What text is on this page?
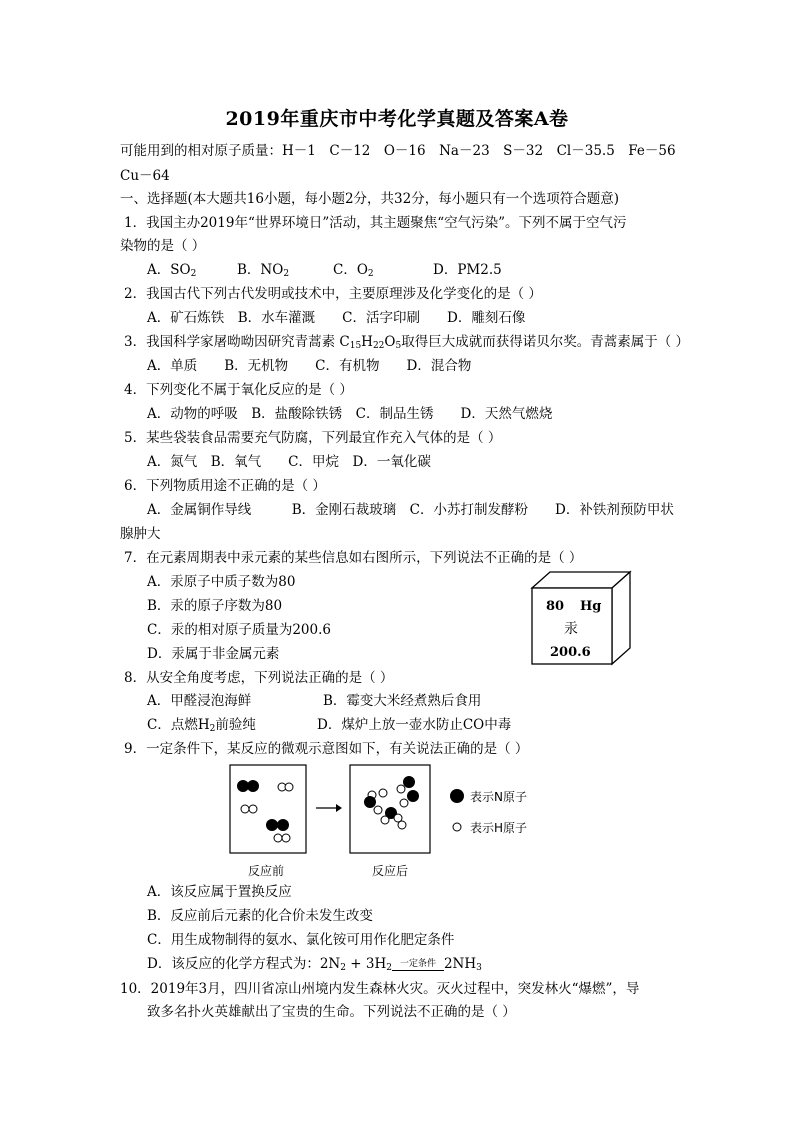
2019年重庆市中考化学真题及答案A卷
可能用到的相对原子质量：H－1　C－12　O－16　Na－23　S－32　Cl－35.5　Fe－56
Cu－64
一、选择题(本大题共16小题，每小题2分，共32分，每小题只有一个选项符合题意)
1．我国主办2019年“世界环境日”活动，其主题聚焦“空气污染”。下列不属于空气污
染物的是（ ）
A．$SO_2$	B．$NO_2$	C．$O_2$	D．PM2.5
2．我国古代下列古代发明或技术中，主要原理涉及化学变化的是（ ）
A．矿石炼铁　B．水车灌溉　　C．活字印刷　　D．雕刻石像
3．我国科学家屠呦呦因研究青蒿素 $C_{15}H_{22}O_5$取得巨大成就而获得诺贝尔奖。青蒿素属于（ ）
A．单质　　B．无机物　　C．有机物　　D．混合物
4．下列变化不属于氧化反应的是（ ）
A．动物的呼吸　B．盐酸除铁锈　C．制品生锈　　D．天然气燃烧
5．某些袋装食品需要充气防腐，下列最宜作充入气体的是（ ）
A．氮气　B．氧气　　C．甲烷　D．一氧化碳
6．下列物质用途不正确的是（ ）
A．金属铜作导线　　　B．金刚石裁玻璃　C．小苏打制发酵粉　　D．补铁剂预防甲状
腺肿大
7．在元素周期表中汞元素的某些信息如右图所示，下列说法不正确的是（ ）
A．汞原子中质子数为80
B．汞的原子序数为80
C．汞的相对原子质量为200.6
D．汞属于非金属元素
80 Hg
汞
200.6
8．从安全角度考虑，下列说法正确的是（ ）
A．甲醛浸泡海鲜	B．霉变大米经煮熟后食用
C．点燃$H_2$前验纯	D．煤炉上放一壶水防止CO中毒
9．一定条件下，某反应的微观示意图如下，有关说法正确的是（ ）
表示N原子
表示H原子
反应前	反应后
A．该反应属于置换反应
B．反应前后元素的化合价未发生改变
C．用生成物制得的氨水、氯化铵可用作化肥定条件
D．该反应的化学方程式为：$2N_2 + 3H_2$ 一定条件 $2NH_3$
10．2019年3月，四川省凉山州境内发生森林火灾。灭火过程中，突发林火“爆燃”，导
致多名扑火英雄献出了宝贵的生命。下列说法不正确的是（ ）
